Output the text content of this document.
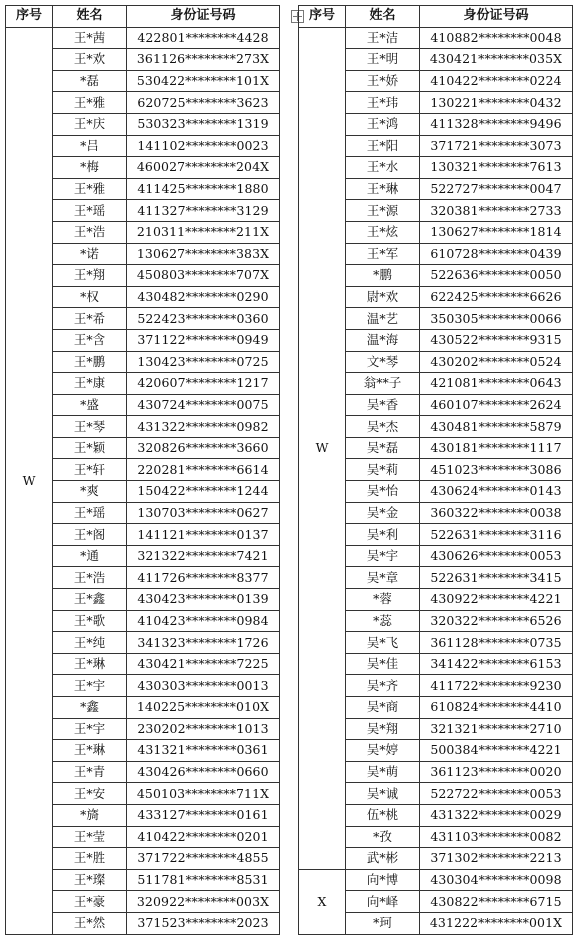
序号	姓名	身份证号码
W	王*茜	422801********4428
	王*欢	361126********273X
	*磊	530422********101X
	王*雅	620725********3623
	王*庆	530323********1319
	*吕	141102********0023
	*梅	460027********204X
	王*雅	411425********1880
	王*瑶	411327********3129
	王*浩	210311********211X
	*诺	130627********383X
	王*翔	450803********707X
	*权	430482********0290
	王*希	522423********0360
	王*含	371122********0949
	王*鹏	130423********0725
	王*康	420607********1217
	*盛	430724********0075
	王*琴	431322********0982
	王*颖	320826********3660
	王*轩	220281********6614
	*爽	150422********1244
	王*瑶	130703********0627
	王*阁	141121********0137
	*通	321322********7421
	王*浩	411726********8377
	王*鑫	430423********0139
	王*歌	410423********0984
	王*纯	341323********1726
	王*琳	430421********7225
	王*宇	430303********0013
	*鑫	140225********010X
	王*宇	230202********1013
	王*琳	431321********0361
	王*青	430426********0660
	王*安	450103********711X
	*旖	433127********0161
	王*莹	410422********0201
	王*胜	371722********4855
	王*璨	511781********8531
	王*豪	320922********003X
	王*然	371523********2023
序号	姓名	身份证号码
W	王*洁	410882********0048
	王*明	430421********035X
	王*娇	410422********0224
	王*玮	130221********0432
	王*鸿	411328********9496
	王*阳	371721********3073
	王*水	130321********7613
	王*琳	522727********0047
	王*源	320381********2733
	王*炫	130627********1814
	王*军	610728********0439
	*鹏	522636********0050
	尉*欢	622425********6626
	温*艺	350305********0066
	温*海	430522********9315
	文*琴	430202********0524
	翁**子	421081********0643
	吴*香	460107********2624
	吴*杰	430481********5879
	吴*磊	430181********1117
	吴*莉	451023********3086
	吴*怡	430624********0143
	吴*金	360322********0038
	吴*利	522631********3116
	吴*宇	430626********0053
	吴*章	522631********3415
	*蓉	430922********4221
	*蕊	320322********6526
	吴*飞	361128********0735
	吴*佳	341422********6153
	吴*齐	411722********9230
	吴*商	610824********4410
	吴*翔	321321********2710
	吴*婷	500384********4221
	吴*萌	361123********0020
	吴*诚	522722********0053
	伍*桃	431322********0029
	*孜	431103********0082
	武*彬	371302********2213
X	向*博	430304********0098
	向*峄	430822********6715
	*珂	431222********001X
